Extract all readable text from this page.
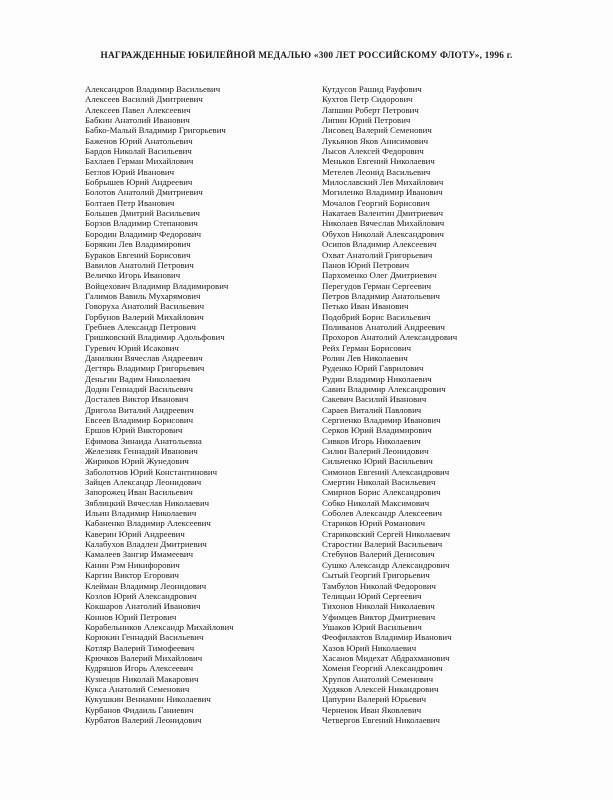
НАГРАЖДЕННЫЕ ЮБИЛЕЙНОЙ МЕДАЛЬЮ «300 ЛЕТ РОССИЙСКОМУ ФЛОТУ», 1996 г.
Александров Владимир Васильевич
Алексеев Василий Дмитриевич
Алексеев Павел Алексеевич
Бабкин Анатолий Иванович
Бабко-Малый Владимир Григорьевич
Баженов Юрий Анатольевич
Бардов Николай Васильевич
Бахлаев Герман Михайлович
Беглов Юрий Иванович
Бобрышев Юрий Андреевич
Болотов Анатолий Дмитриевич
Болтаев Петр Иванович
Большев Дмитрий Васильевич
Борзов Владимир Степанович
Бородин Владимир Федорович
Борякин Лев Владимирович
Бураков Евгений Борисович
Вавилов Анатолий Петрович
Величко Игорь Иванович
Войцехович Владимир Владимирович
Галимов Вавиль Мухарямович
Говоруха Анатолий Васильевич
Горбунов Валерий Михайлович
Гребнев Александр Петрович
Гришковский Владимир Адольфович
Гуревич Юрий Исакович
Данилкин Вячеслав Андреевич
Дегтярь Владимир Григорьевич
Деньгин Вадим Николаевич
Додин Геннадий Васильевич
Досталев Виктор Иванович
Дригола Виталий Андреевич
Евсеев Владимир Борисович
Ершов Юрий Викторович
Ефимова Зинаида Анатольевна
Железняк Геннадий Иванович
Жириков Юрий Жунедович
Заболотнов Юрий Константинович
Зайцев Александр Леонидович
Запорожец Иван Васильевич
Зяблицкий Вячеслав Николаевич
Ильин Владимир Николаевич
Кабаненко Владимир Алексеевич
Каверин Юрий Андреевич
Калабухов Владлен Дмитриевич
Камалеев Зангир Имамеевич
Канин Рэм Никифорович
Каргин Виктор Егорович
Клейман Владимир Леонидович
Козлов Юрий Александрович
Кокшаров Анатолий Иванович
Коннов Юрий Петрович
Корабельников Александр Михайлович
Корюкин Геннадий Васильевич
Котляр Валерий Тимофеевич
Крючков Валерий Михайлович
Кудряшов Игорь Алексеевич
Кузнецов Николай Макарович
Кукса Анатолий Семенович
Кукушкин Вениамин Николаевич
Курбанов Фидаиль Ганиевич
Курбатов Валерий Леонидович
Кутдусов Рашид Рауфович
Кухтов Петр Сидорович
Лапшин Роберт Петрович
Липин Юрий Петрович
Лисовец Валерий Семенович
Лукьянов Яков Анисимович
Лысов Алексей Федорович
Меньков Евгений Николаевич
Метелев Леонид Васильевич
Милославский Лев Михайлович
Могиленко Владимир Иванович
Мочалов Георгий Борисович
Накатаев Валентин Дмитриевич
Николаев Вячеслав Михайлович
Обухов Николай Александрович
Осипов Владимир Алексеевич
Охват Анатолий Григорьевич
Панов Юрий Петрович
Пархоменко Олег Дмитриевич
Перегудов Герман Сергеевич
Петров Владимир Анатольевич
Петько Иван Иванович
Подобрий Борис Васильевич
Поливанов Анатолий Андреевич
Прохоров Анатолий Александрович
Рейх Герман Борисович
Ролин Лев Николаевич
Руденко Юрий Гаврилович
Рудин Владимир Николаевич
Савин Владимир Александрович
Сакевич Василий Иванович
Сараев Виталий Павлович
Сергиенко Владимир Иванович
Серков Юрий Владимирович
Сивков Игорь Николаевич
Силин Валерий Леонидович
Сильченко Юрий Васильевич
Симонов Евгений Александрович
Смертин Николай Васильевич
Смирнов Борис Александрович
Собко Николай Максимович
Соболев Александр Алексеевич
Стариков Юрий Романович
Стариковский Сергей Николаевич
Старостин Валерий Васильевич
Стебунов Валерий Денисович
Сушко Александр Александрович
Сытый Георгий Григорьевич
Тамбулов Николай Федорович
Телицын Юрий Сергеевич
Тихонов Николай Николаевич
Уфимцев Виктор Дмитриевич
Ушаков Юрий Васильевич
Феофилактов Владимир Иванович
Хазов Юрий Николаевич
Хасанов Мидехат Абдрахманович
Хоменя Георгий Александрович
Хрупов Анатолий Семенович
Худяков Алексей Никандрович
Цапурин Валерий Юрьевич
Черненок Иван Яковлевич
Четвергов Евгений Николаевич
